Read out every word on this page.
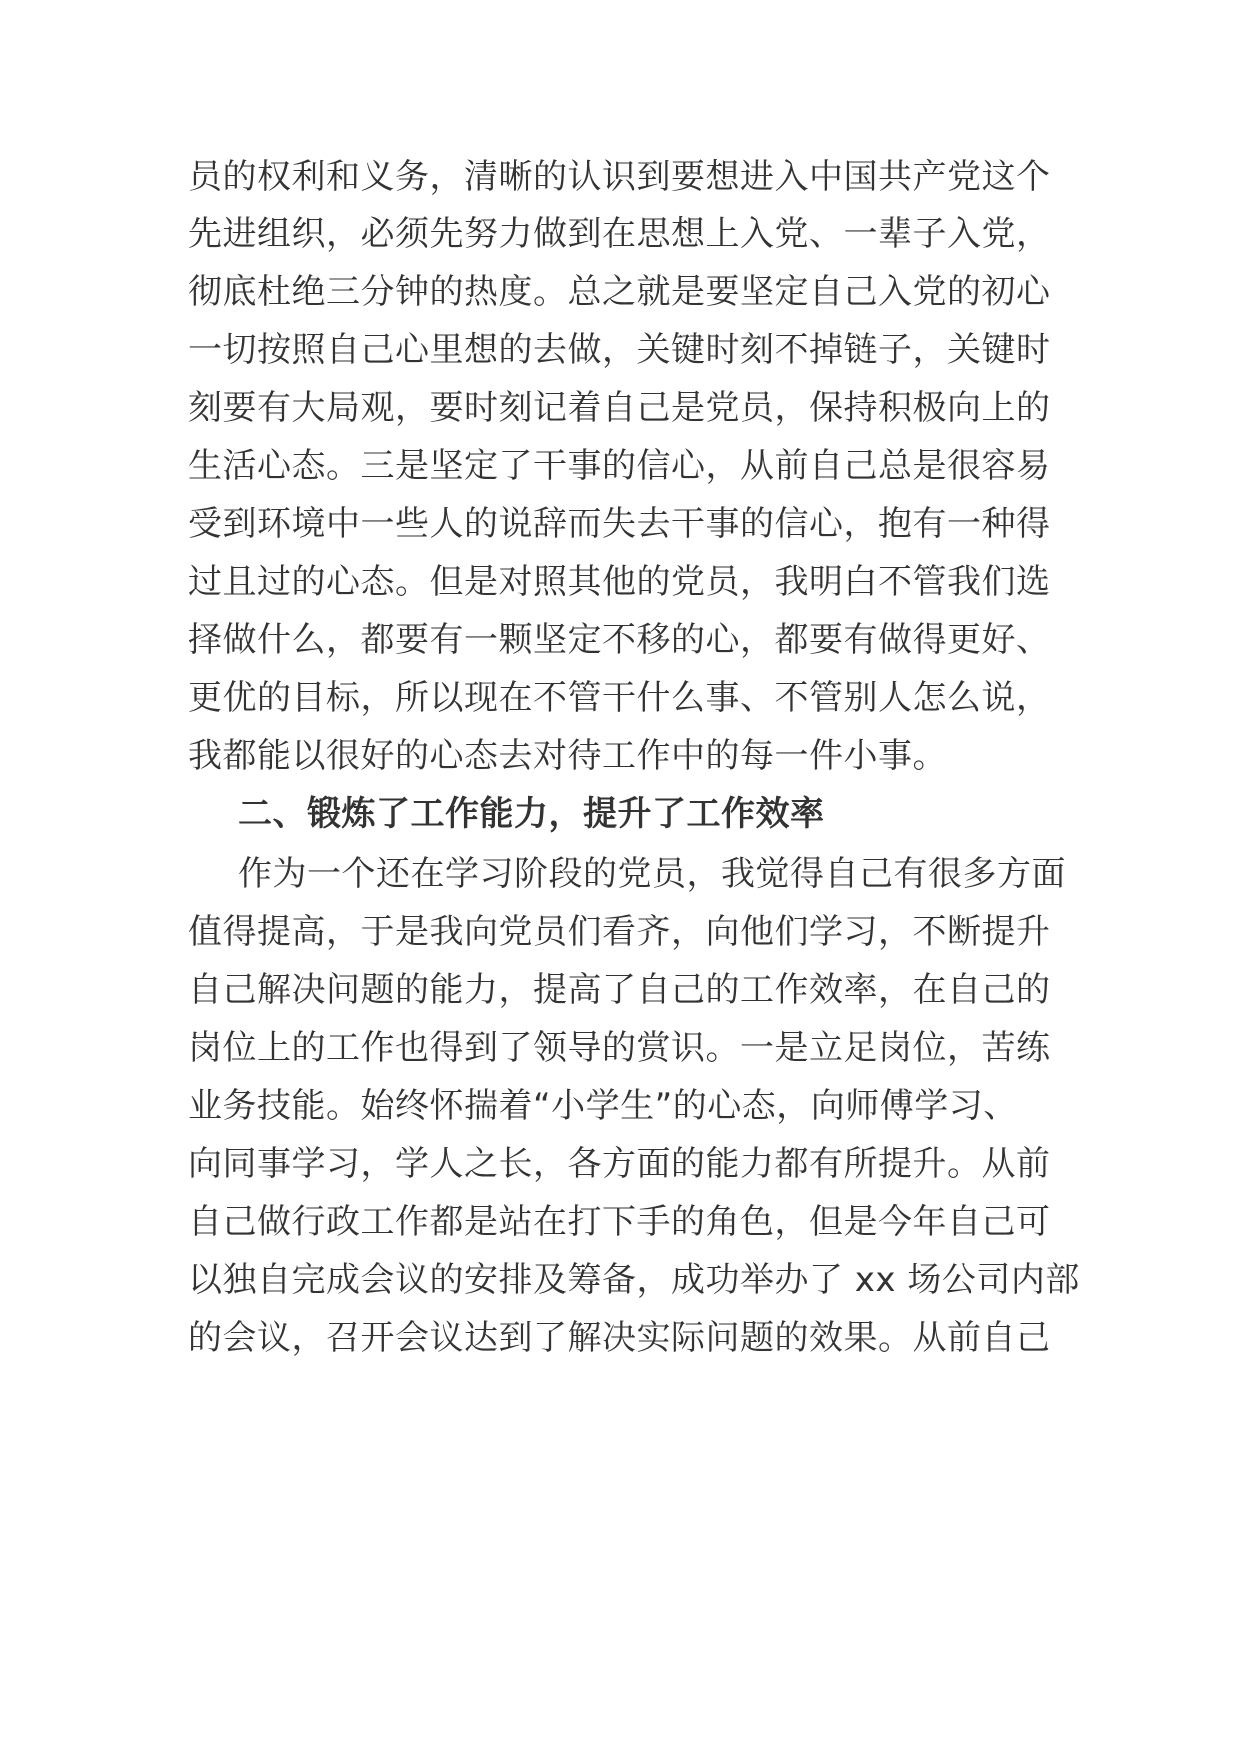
员的权利和义务，清晰的认识到要想进入中国共产党这个
先进组织，必须先努力做到在思想上入党、一辈子入党，
彻底杜绝三分钟的热度。总之就是要坚定自己入党的初心
一切按照自己心里想的去做，关键时刻不掉链子，关键时
刻要有大局观，要时刻记着自己是党员，保持积极向上的
生活心态。三是坚定了干事的信心，从前自己总是很容易
受到环境中一些人的说辞而失去干事的信心，抱有一种得
过且过的心态。但是对照其他的党员，我明白不管我们选
择做什么，都要有一颗坚定不移的心，都要有做得更好、
更优的目标，所以现在不管干什么事、不管别人怎么说，
我都能以很好的心态去对待工作中的每一件小事。
二、锻炼了工作能力，提升了工作效率
作为一个还在学习阶段的党员，我觉得自己有很多方面
值得提高，于是我向党员们看齐，向他们学习，不断提升
自己解决问题的能力，提高了自己的工作效率，在自己的
岗位上的工作也得到了领导的赏识。一是立足岗位，苦练
业务技能。始终怀揣着“小学生”的心态，向师傅学习、
向同事学习，学人之长，各方面的能力都有所提升。从前
自己做行政工作都是站在打下手的角色，但是今年自己可
以独自完成会议的安排及筹备，成功举办了 xx 场公司内部
的会议，召开会议达到了解决实际问题的效果。从前自己
